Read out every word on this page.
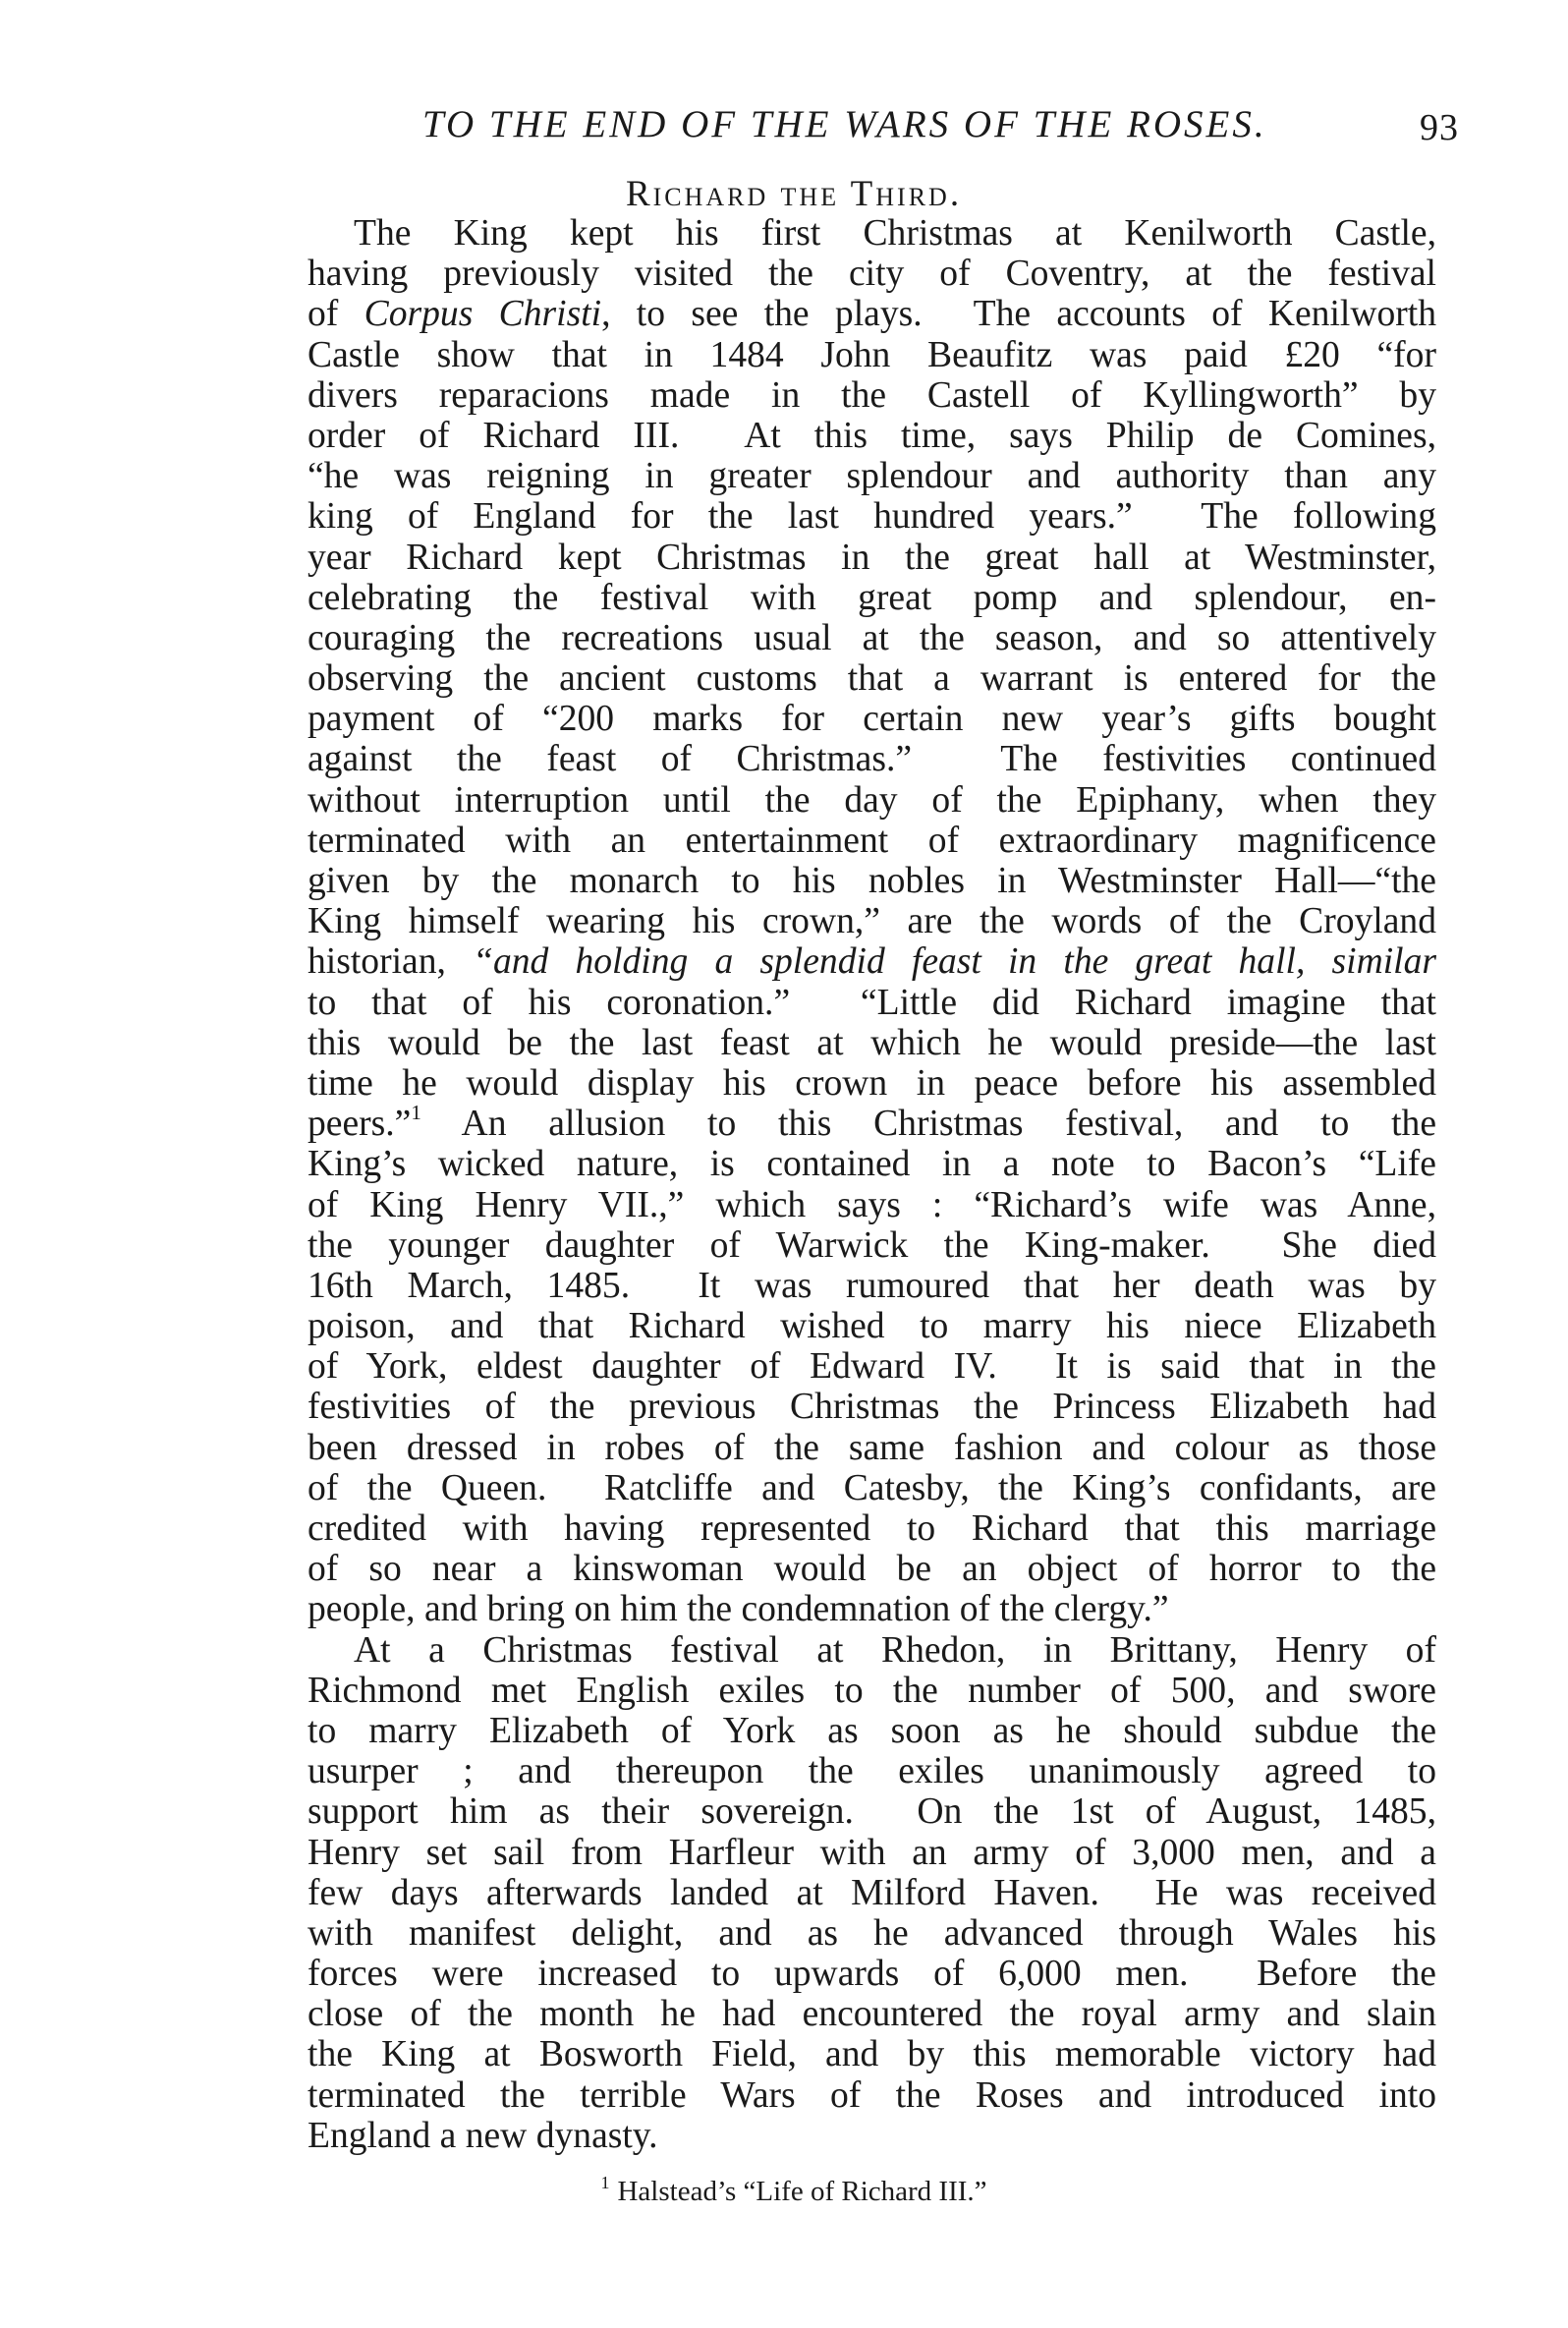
TO THE END OF THE WARS OF THE ROSES.	93
Richard the Third.
The King kept his first Christmas at Kenilworth Castle,
having previously visited the city of Coventry, at the festival
of Corpus Christi, to see the plays.  The accounts of Kenilworth
Castle show that in 1484 John Beaufitz was paid £20 “for
divers reparacions made in the Castell of Kyllingworth” by
order of Richard III.  At this time, says Philip de Comines,
“he was reigning in greater splendour and authority than any
king of England for the last hundred years.”  The following
year Richard kept Christmas in the great hall at Westminster,
celebrating the festival with great pomp and splendour, en-
couraging the recreations usual at the season, and so attentively
observing the ancient customs that a warrant is entered for the
payment of “200 marks for certain new year’s gifts bought
against the feast of Christmas.”  The festivities continued
without interruption until the day of the Epiphany, when they
terminated with an entertainment of extraordinary magnificence
given by the monarch to his nobles in Westminster Hall—“the
King himself wearing his crown,” are the words of the Croyland
historian, “and holding a splendid feast in the great hall, similar
to that of his coronation.”  “Little did Richard imagine that
this would be the last feast at which he would preside—the last
time he would display his crown in peace before his assembled
peers.”$^1$ An allusion to this Christmas festival, and to the
King’s wicked nature, is contained in a note to Bacon’s “Life
of King Henry VII.,” which says : “Richard’s wife was Anne,
the younger daughter of Warwick the King-maker.  She died
16th March, 1485.  It was rumoured that her death was by
poison, and that Richard wished to marry his niece Elizabeth
of York, eldest daughter of Edward IV.  It is said that in the
festivities of the previous Christmas the Princess Elizabeth had
been dressed in robes of the same fashion and colour as those
of the Queen.  Ratcliffe and Catesby, the King’s confidants, are
credited with having represented to Richard that this marriage
of so near a kinswoman would be an object of horror to the
people, and bring on him the condemnation of the clergy.”
At a Christmas festival at Rhedon, in Brittany, Henry of
Richmond met English exiles to the number of 500, and swore
to marry Elizabeth of York as soon as he should subdue the
usurper ; and thereupon the exiles unanimously agreed to
support him as their sovereign.  On the 1st of August, 1485,
Henry set sail from Harfleur with an army of 3,000 men, and a
few days afterwards landed at Milford Haven.  He was received
with manifest delight, and as he advanced through Wales his
forces were increased to upwards of 6,000 men.  Before the
close of the month he had encountered the royal army and slain
the King at Bosworth Field, and by this memorable victory had
terminated the terrible Wars of the Roses and introduced into
England a new dynasty.
$^1$ Halstead’s “Life of Richard III.”
